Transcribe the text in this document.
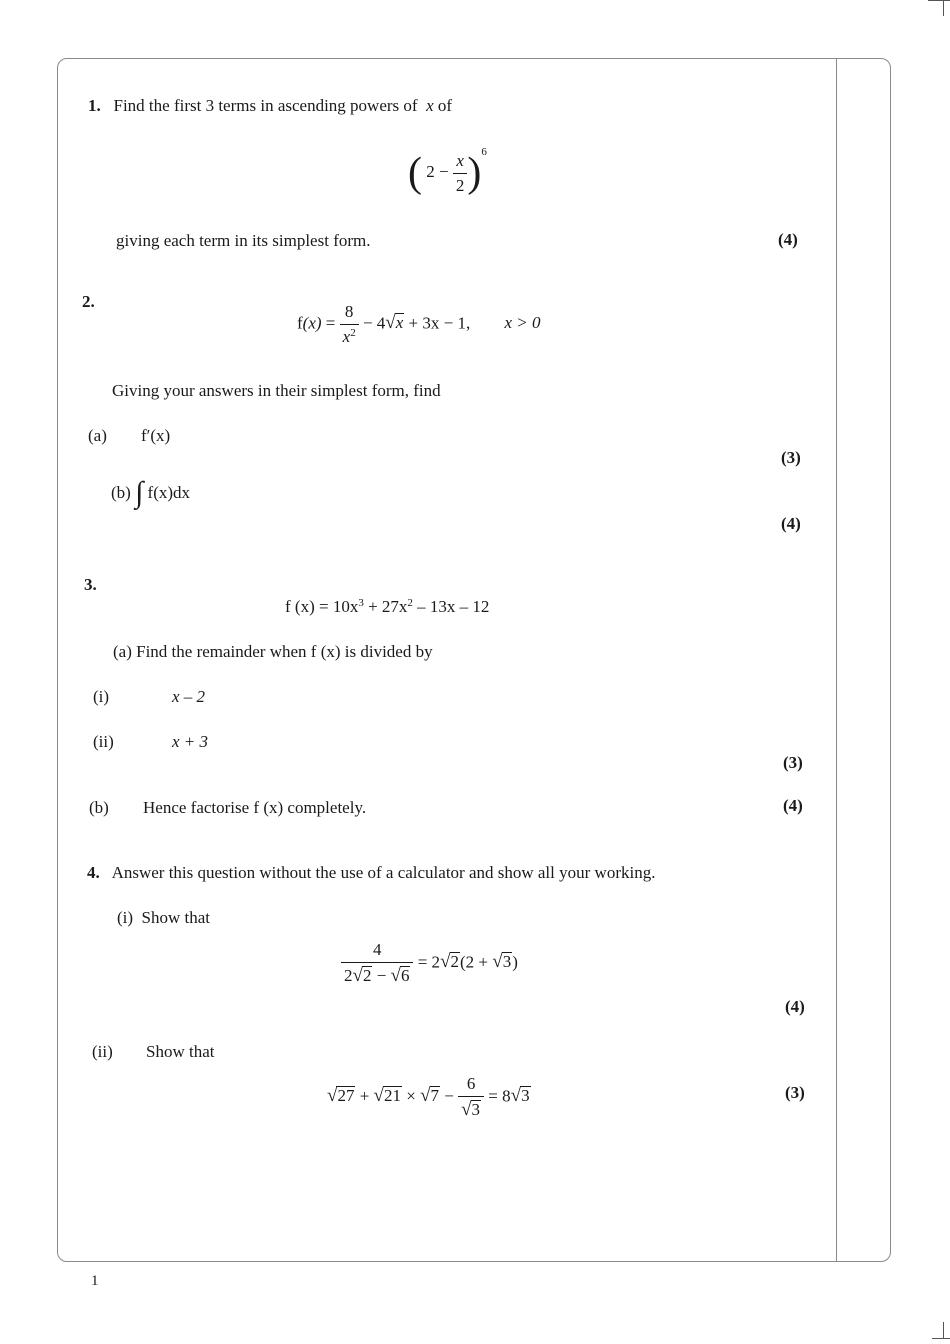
1. Find the first 3 terms in ascending powers of x of
( $2 - \frac{x}{2} )^6$
giving each term in its simplest form.	(4)
2.
$f(x) = \frac{8}{x^2} - 4√x + 3x - 1$, x > 0
Giving your answers in their simplest form, find
(a) f′(x)
(3)
(b) ∫ f(x)dx
(4)
3.
f $(x) = 10x^3 + 27x^2 - 13x - 12$
(a) Find the remainder when f (x) is divided by
(i)	x – 2
(ii)	x + 3
(3)
(b) Hence factorise f (x) completely.	(4)
4. Answer this question without the use of a calculator and show all your working.
(i) Show that
$\frac{4}{2√2 - √6} = 2√2(2 + √3)$
(4)
(ii) Show that
$√27 + √21 \times √7 - \frac{6}{√3} = 8√3$	(3)
1
